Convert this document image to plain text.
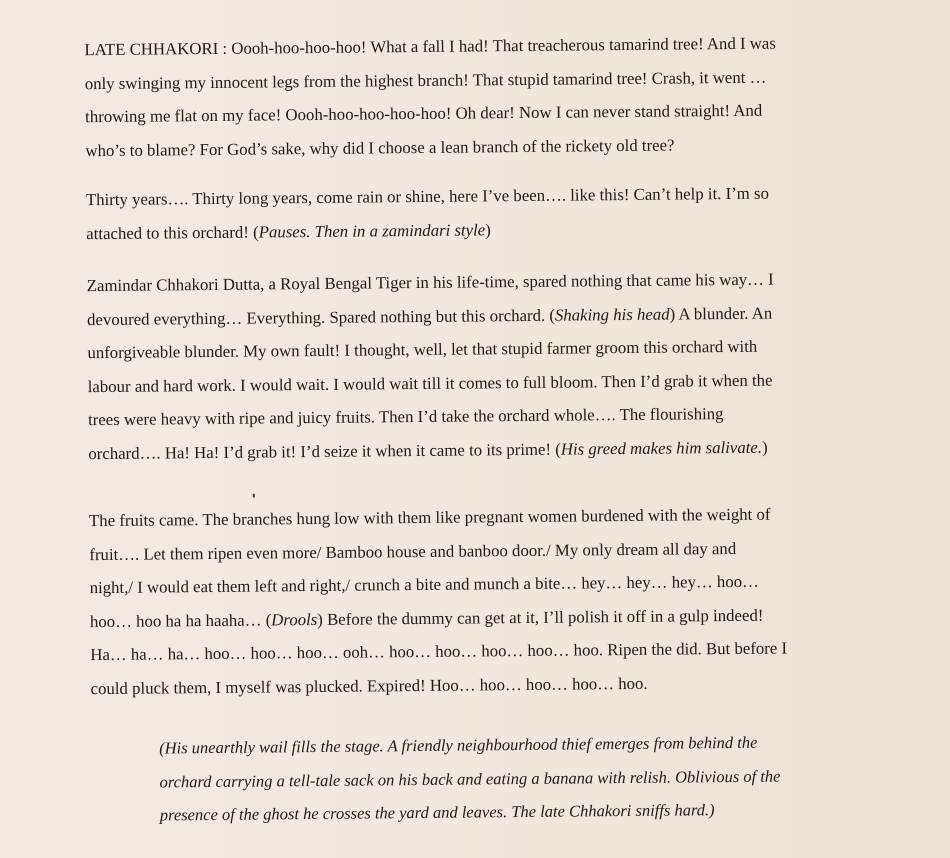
LATE CHHAKORI : Oooh-hoo-hoo-hoo! What a fall I had! That treacherous tamarind tree! And I was
only swinging my innocent legs from the highest branch! That stupid tamarind tree! Crash, it went …
throwing me flat on my face! Oooh-hoo-hoo-hoo-hoo! Oh dear! Now I can never stand straight! And
who’s to blame? For God’s sake, why did I choose a lean branch of the rickety old tree?
Thirty years…. Thirty long years, come rain or shine, here I’ve been…. like this! Can’t help it. I’m so
attached to this orchard! (Pauses. Then in a zamindari style)
Zamindar Chhakori Dutta, a Royal Bengal Tiger in his life-time, spared nothing that came his way… I
devoured everything… Everything. Spared nothing but this orchard. (Shaking his head) A blunder. An
unforgiveable blunder. My own fault! I thought, well, let that stupid farmer groom this orchard with
labour and hard work. I would wait. I would wait till it comes to full bloom. Then I’d grab it when the
trees were heavy with ripe and juicy fruits. Then I’d take the orchard whole…. The flourishing
orchard…. Ha! Ha! I’d grab it! I’d seize it when it came to its prime! (His greed makes him salivate.)
The fruits came. The branches hung low with them like pregnant women burdened with the weight of
fruit…. Let them ripen even more/ Bamboo house and banboo door./ My only dream all day and
night,/ I would eat them left and right,/ crunch a bite and munch a bite… hey… hey… hey… hoo…
hoo… hoo ha ha haaha… (Drools) Before the dummy can get at it, I’ll polish it off in a gulp indeed!
Ha… ha… ha… hoo… hoo… hoo… ooh… hoo… hoo… hoo… hoo… hoo. Ripen the did. But before I
could pluck them, I myself was plucked. Expired! Hoo… hoo… hoo… hoo… hoo.
(His unearthly wail fills the stage. A friendly neighbourhood thief emerges from behind the
orchard carrying a tell-tale sack on his back and eating a banana with relish. Oblivious of the
presence of the ghost he crosses the yard and leaves. The late Chhakori sniffs hard.)
